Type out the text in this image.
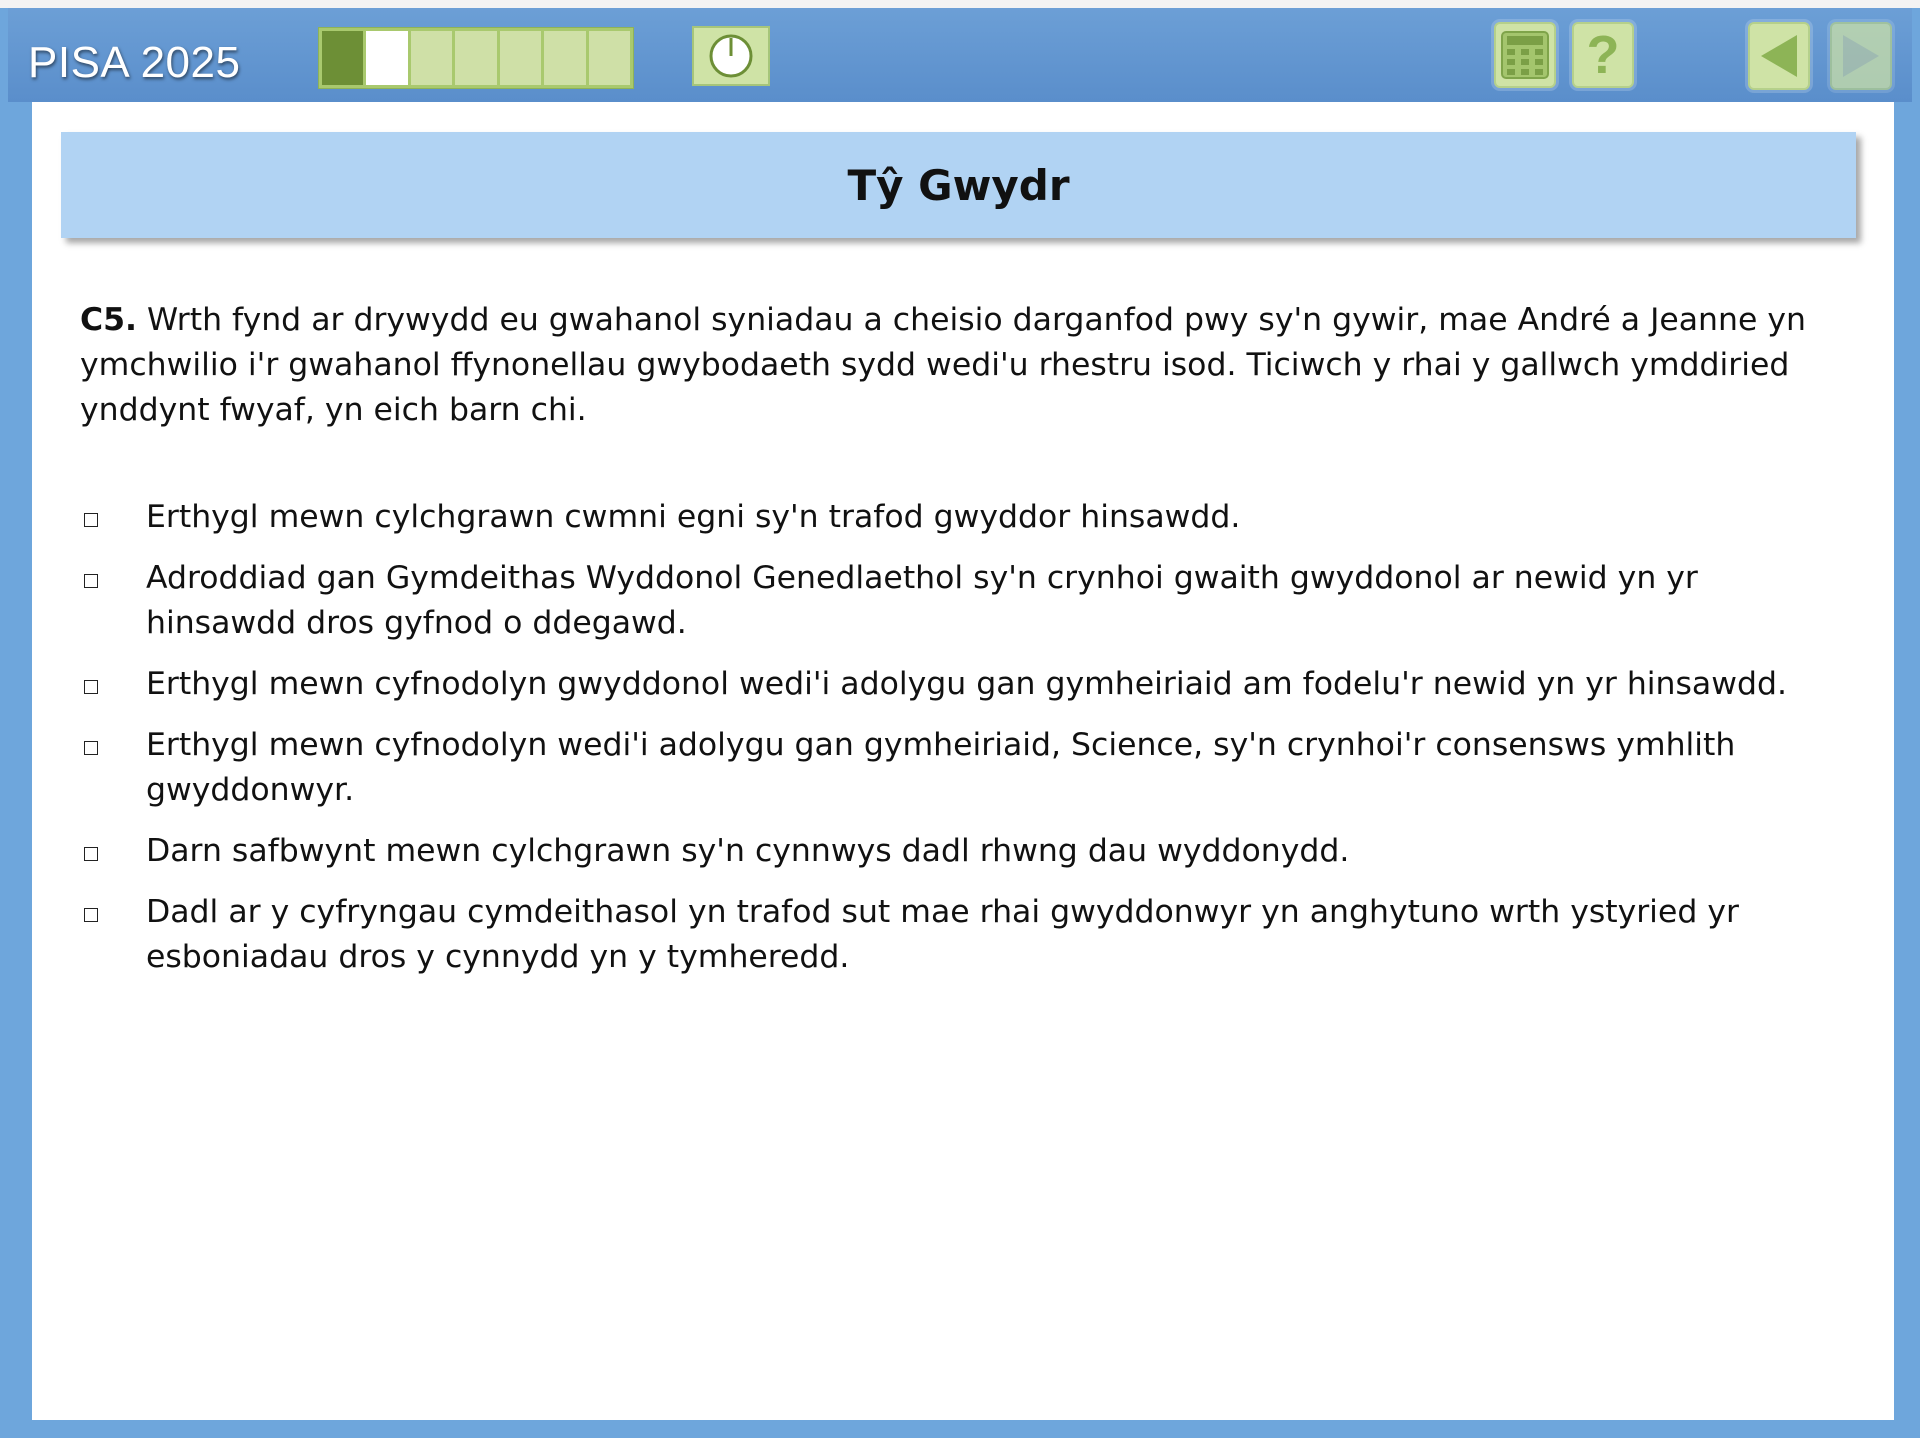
PISA 2025	?
Tŷ Gwydr
C5. Wrth fynd ar drywydd eu gwahanol syniadau a cheisio darganfod pwy sy'n gywir, mae André a Jeanne yn ymchwilio i'r gwahanol ffynonellau gwybodaeth sydd wedi'u rhestru isod. Ticiwch y rhai y gallwch ymddiried ynddynt fwyaf, yn eich barn chi.
Erthygl mewn cylchgrawn cwmni egni sy'n trafod gwyddor hinsawdd.
Adroddiad gan Gymdeithas Wyddonol Genedlaethol sy'n crynhoi gwaith gwyddonol ar newid yn yr hinsawdd dros gyfnod o ddegawd.
Erthygl mewn cyfnodolyn gwyddonol wedi'i adolygu gan gymheiriaid am fodelu'r newid yn yr hinsawdd.
Erthygl mewn cyfnodolyn wedi'i adolygu gan gymheiriaid, Science, sy'n crynhoi'r consensws ymhlith gwyddonwyr.
Darn safbwynt mewn cylchgrawn sy'n cynnwys dadl rhwng dau wyddonydd.
Dadl ar y cyfryngau cymdeithasol yn trafod sut mae rhai gwyddonwyr yn anghytuno wrth ystyried yr esboniadau dros y cynnydd yn y tymheredd.
